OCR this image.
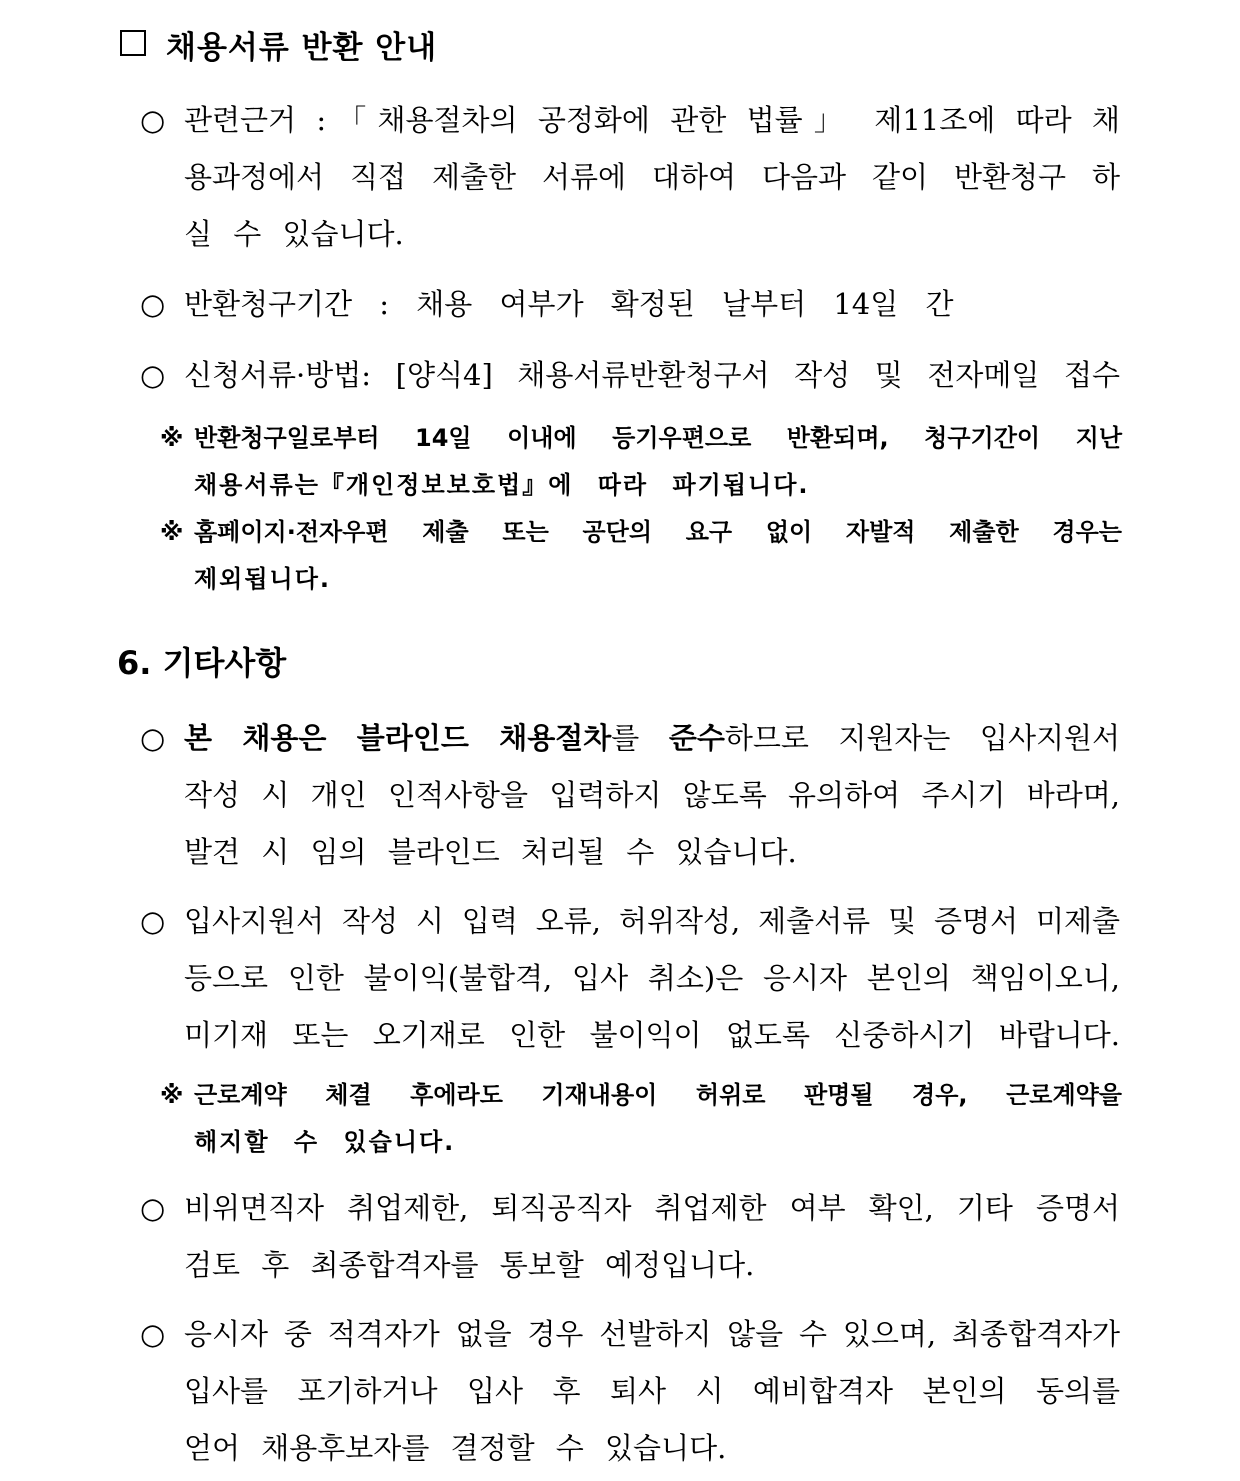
채용서류 반환 안내
○ 관련근거 :「채용절차의 공정화에 관한 법률」 제11조에 따라 채
용과정에서 직접 제출한 서류에 대하여 다음과 같이 반환청구 하
실 수 있습니다.
○ 반환청구기간 : 채용 여부가 확정된 날부터 14일 간
○ 신청서류·방법: [양식4] 채용서류반환청구서 작성 및 전자메일 접수
※ 반환청구일로부터 14일 이내에 등기우편으로 반환되며, 청구기간이 지난
채용서류는『개인정보보호법』에 따라 파기됩니다.
※ 홈페이지·전자우편 제출 또는 공단의 요구 없이 자발적 제출한 경우는
제외됩니다.
6. 기타사항
○ 본 채용은 블라인드 채용절차를 준수하므로 지원자는 입사지원서
작성 시 개인 인적사항을 입력하지 않도록 유의하여 주시기 바라며,
발견 시 임의 블라인드 처리될 수 있습니다.
○ 입사지원서 작성 시 입력 오류, 허위작성, 제출서류 및 증명서 미제출
등으로 인한 불이익(불합격, 입사 취소)은 응시자 본인의 책임이오니,
미기재 또는 오기재로 인한 불이익이 없도록 신중하시기 바랍니다.
※ 근로계약 체결 후에라도 기재내용이 허위로 판명될 경우, 근로계약을
해지할 수 있습니다.
○ 비위면직자 취업제한, 퇴직공직자 취업제한 여부 확인, 기타 증명서
검토 후 최종합격자를 통보할 예정입니다.
○ 응시자 중 적격자가 없을 경우 선발하지 않을 수 있으며, 최종합격자가
입사를 포기하거나 입사 후 퇴사 시 예비합격자 본인의 동의를
얻어 채용후보자를 결정할 수 있습니다.
